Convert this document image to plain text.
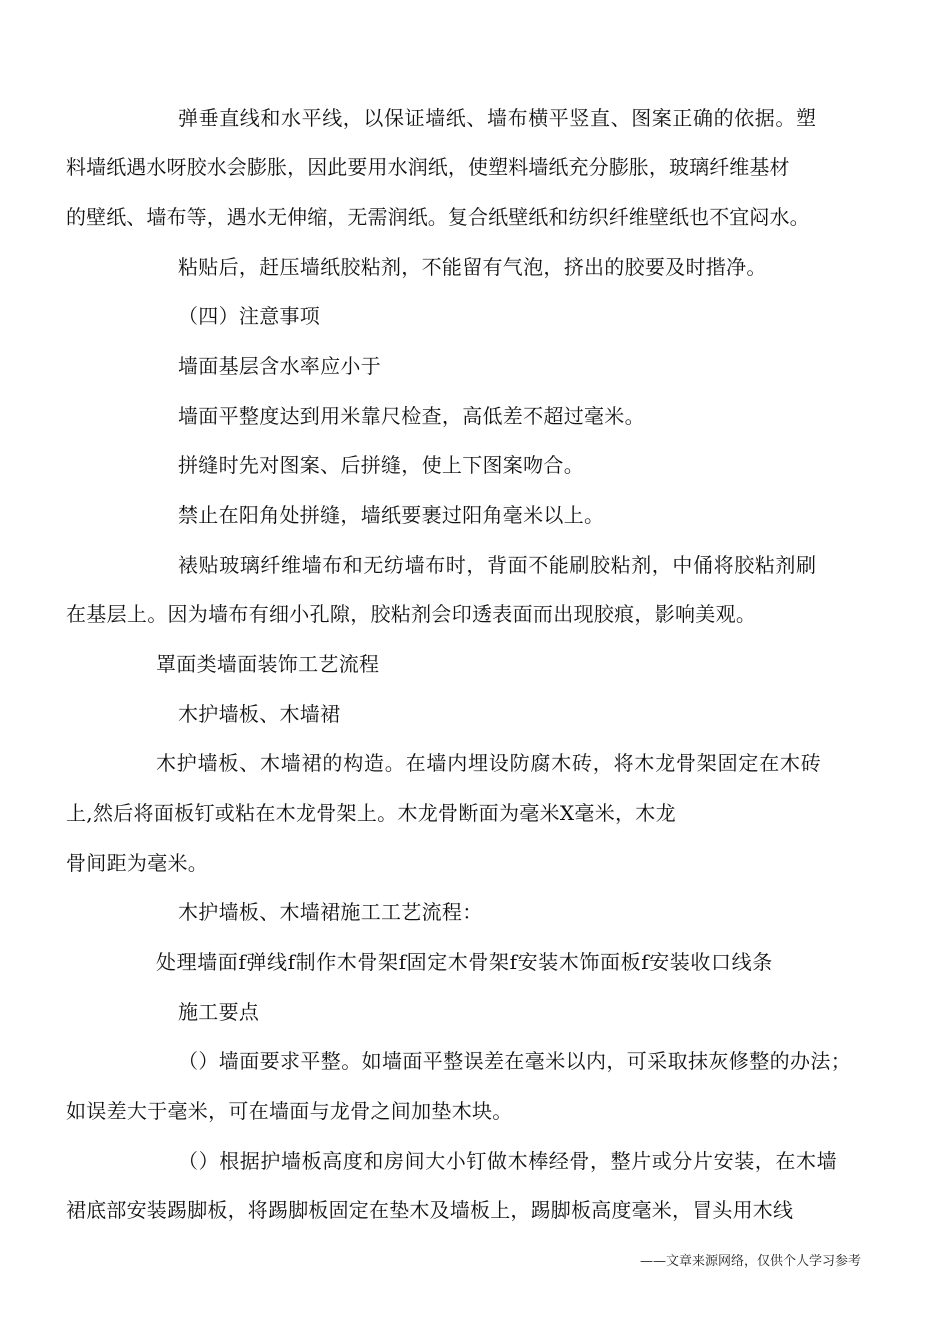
弹垂直线和水平线，以保证墙纸、墙布横平竖直、图案正确的依据。塑

料墙纸遇水呀胶水会膨胀，因此要用水润纸，使塑料墙纸充分膨胀，玻璃纤维基材

的壁纸、墙布等，遇水无伸缩，无需润纸。复合纸壁纸和纺织纤维壁纸也不宜闷水。

粘贴后，赶压墙纸胶粘剂，不能留有气泡，挤出的胶要及时揩净。

（四）注意事项

墙面基层含水率应小于

墙面平整度达到用米靠尺检查，高低差不超过毫米。

拼缝时先对图案、后拼缝，使上下图案吻合。

禁止在阳角处拼缝，墙纸要裹过阳角毫米以上。

裱贴玻璃纤维墙布和无纺墙布时，背面不能刷胶粘剂，中俑将胶粘剂刷

在基层上。因为墙布有细小孔隙，胶粘剂会印透表面而出现胶痕，影响美观。

罩面类墙面装饰工艺流程

木护墙板、木墙裙

木护墙板、木墙裙的构造。在墙内埋设防腐木砖，将木龙骨架固定在木砖

上,然后将面板钉或粘在木龙骨架上。木龙骨断面为毫米X毫米，木龙

骨间距为毫米。

木护墙板、木墙裙施工工艺流程：

处理墙面f弹线f制作木骨架f固定木骨架f安装木饰面板f安装收口线条

施工要点

（）墙面要求平整。如墙面平整误差在毫米以内，可采取抹灰修整的办法；

如误差大于毫米，可在墙面与龙骨之间加垫木块。

（）根据护墙板高度和房间大小钉做木棒经骨，整片或分片安装，在木墙

裙底部安装踢脚板，将踢脚板固定在垫木及墙板上，踢脚板高度毫米，冒头用木线

——文章来源网络，仅供个人学习参考
